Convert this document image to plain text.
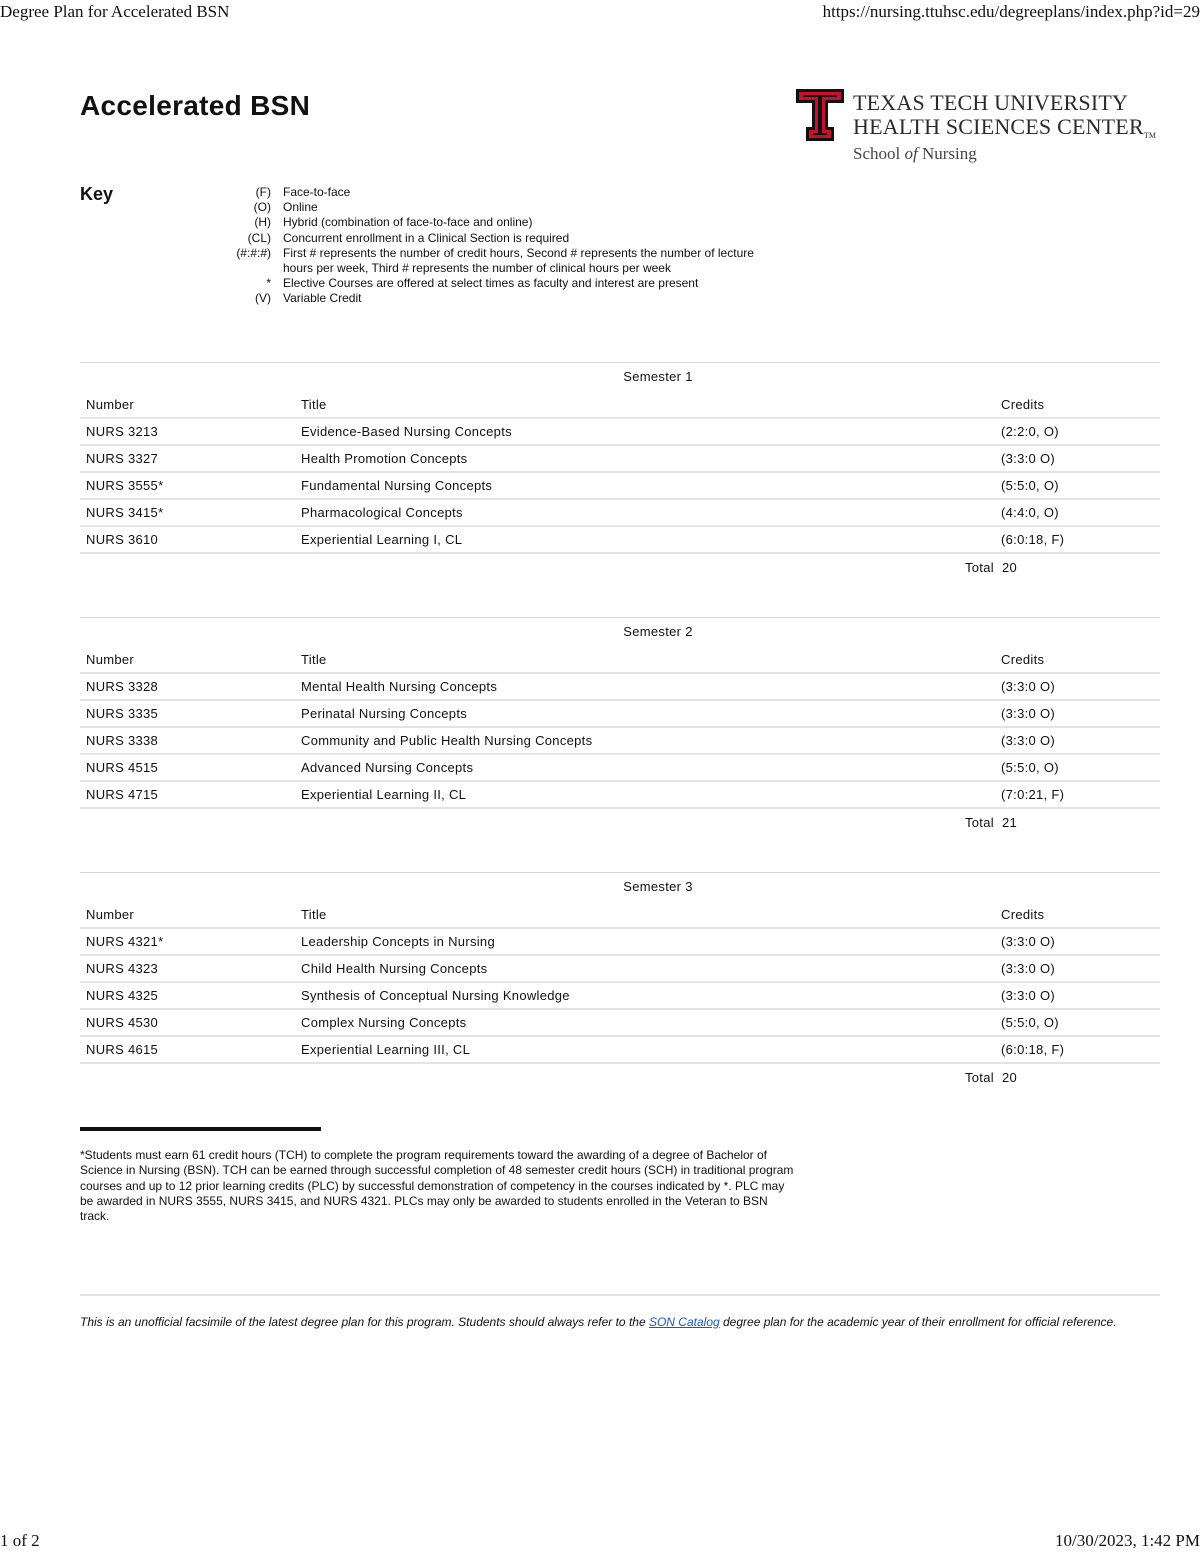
Degree Plan for Accelerated BSN	https://nursing.ttuhsc.edu/degreeplans/index.php?id=29
Accelerated BSN	TEXAS TECH UNIVERSITY
HEALTH SCIENCES CENTERTM
School of Nursing
Key	(F)	Face-to-face
(O)	Online
(H)	Hybrid (combination of face-to-face and online)
(CL)	Concurrent enrollment in a Clinical Section is required
(#:#:#)	First # represents the number of credit hours, Second # represents the number of lecture hours per week, Third # represents the number of clinical hours per week
*	Elective Courses are offered at select times as faculty and interest are present
(V)	Variable Credit
Semester 1
Number	Title	Credits
NURS 3213	Evidence-Based Nursing Concepts	(2:2:0, O)
NURS 3327	Health Promotion Concepts	(3:3:0 O)
NURS 3555*	Fundamental Nursing Concepts	(5:5:0, O)
NURS 3415*	Pharmacological Concepts	(4:4:0, O)
NURS 3610	Experiential Learning I, CL	(6:0:18, F)
Total 20
Semester 2
Number	Title	Credits
NURS 3328	Mental Health Nursing Concepts	(3:3:0 O)
NURS 3335	Perinatal Nursing Concepts	(3:3:0 O)
NURS 3338	Community and Public Health Nursing Concepts	(3:3:0 O)
NURS 4515	Advanced Nursing Concepts	(5:5:0, O)
NURS 4715	Experiential Learning II, CL	(7:0:21, F)
Total 21
Semester 3
Number	Title	Credits
NURS 4321*	Leadership Concepts in Nursing	(3:3:0 O)
NURS 4323	Child Health Nursing Concepts	(3:3:0 O)
NURS 4325	Synthesis of Conceptual Nursing Knowledge	(3:3:0 O)
NURS 4530	Complex Nursing Concepts	(5:5:0, O)
NURS 4615	Experiential Learning III, CL	(6:0:18, F)
Total 20

*Students must earn 61 credit hours (TCH) to complete the program requirements toward the awarding of a degree of Bachelor of Science in Nursing (BSN). TCH can be earned through successful completion of 48 semester credit hours (SCH) in traditional program courses and up to 12 prior learning credits (PLC) by successful demonstration of competency in the courses indicated by *. PLC may be awarded in NURS 3555, NURS 3415, and NURS 4321. PLCs may only be awarded to students enrolled in the Veteran to BSN track.

This is an unofficial facsimile of the latest degree plan for this program. Students should always refer to the SON Catalog degree plan for the academic year of their enrollment for official reference.

1 of 2	10/30/2023, 1:42 PM
